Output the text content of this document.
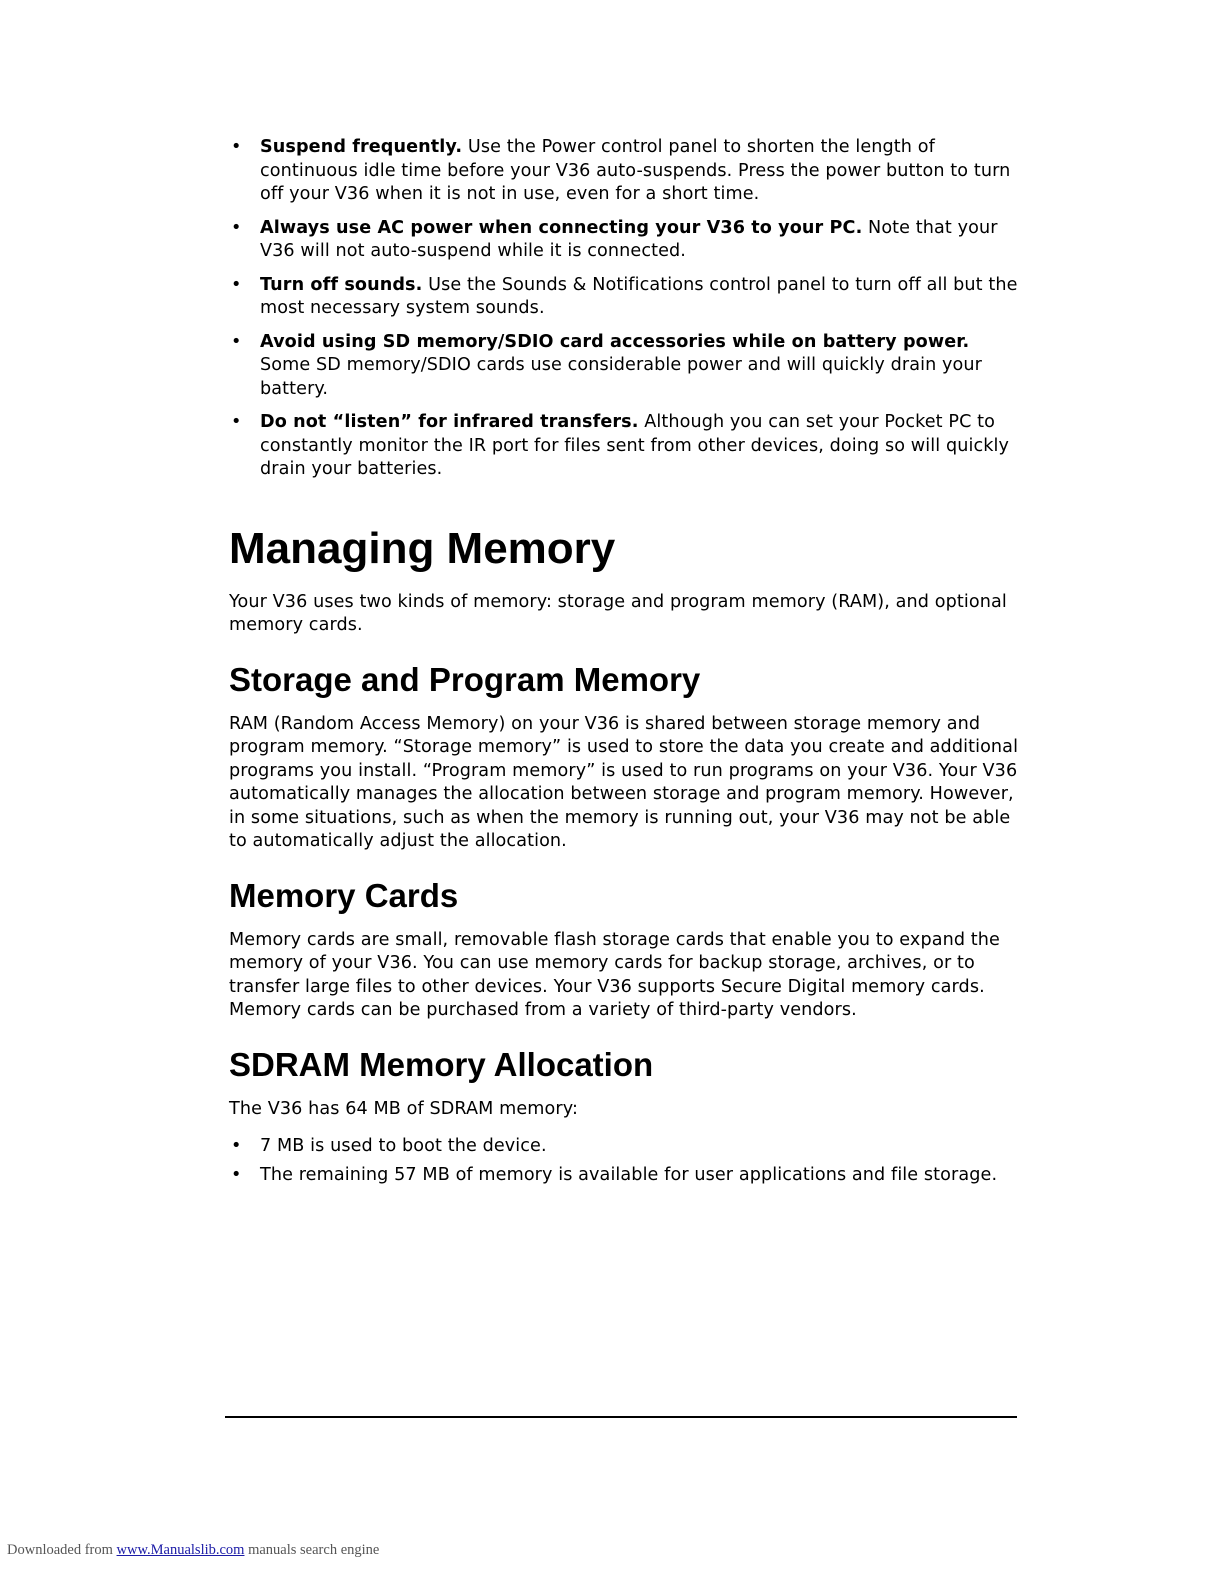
• Suspend frequently. Use the Power control panel to shorten the length of continuous idle time before your V36 auto-suspends. Press the power button to turn off your V36 when it is not in use, even for a short time.
• Always use AC power when connecting your V36 to your PC. Note that your V36 will not auto-suspend while it is connected.
• Turn off sounds. Use the Sounds & Notifications control panel to turn off all but the most necessary system sounds.
• Avoid using SD memory/SDIO card accessories while on battery power. Some SD memory/SDIO cards use considerable power and will quickly drain your battery.
• Do not “listen” for infrared transfers. Although you can set your Pocket PC to constantly monitor the IR port for files sent from other devices, doing so will quickly drain your batteries.
Managing Memory

Your V36 uses two kinds of memory: storage and program memory (RAM), and optional memory cards.

Storage and Program Memory

RAM (Random Access Memory) on your V36 is shared between storage memory and program memory. “Storage memory” is used to store the data you create and additional programs you install. “Program memory” is used to run programs on your V36. Your V36 automatically manages the allocation between storage and program memory. However, in some situations, such as when the memory is running out, your V36 may not be able to automatically adjust the allocation.

Memory Cards

Memory cards are small, removable flash storage cards that enable you to expand the memory of your V36. You can use memory cards for backup storage, archives, or to transfer large files to other devices. Your V36 supports Secure Digital memory cards. Memory cards can be purchased from a variety of third-party vendors.

SDRAM Memory Allocation

The V36 has 64 MB of SDRAM memory:

• 7 MB is used to boot the device.
• The remaining 57 MB of memory is available for user applications and file storage.
Downloaded from www.Manualslib.com manuals search engine
